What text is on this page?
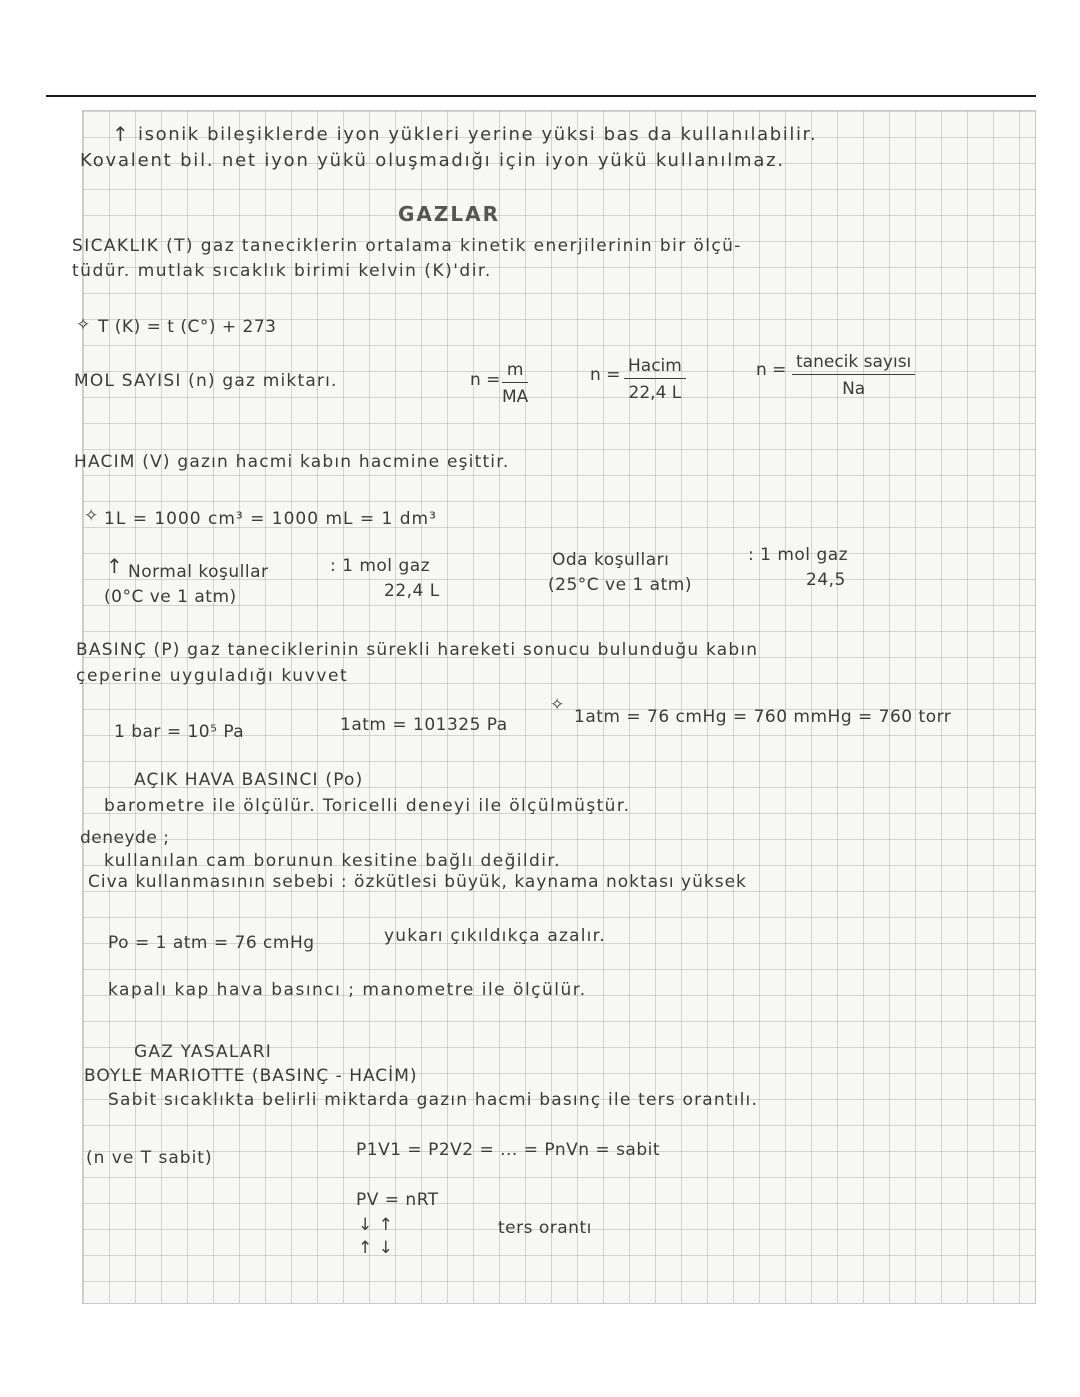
↑ isonik bileşiklerde iyon yükleri yerine yüksi bas da kullanılabilir.
Kovalent bil. net iyon yükü oluşmadığı için iyon yükü kullanılmaz.
GAZLAR
SICAKLIK (T) gaz taneciklerin ortalama kinetik enerjilerinin bir ölçü-
tüdür. mutlak sıcaklık birimi kelvin (K)'dir.
✧ T (K) = t (C°) + 273
MOL SAYISI (n) gaz miktarı.	$n = \frac{m}{MA}$	n = Hacim
22,4 L
n = tanecik sayısı
Na
HACIM (V) gazın hacmi kabın hacmine eşittir.
✧ 1L = 1000 cm³ = 1000 mL = 1 dm³
↑ Normal koşullar
(0°C ve 1 atm)
: 1 mol gaz
22,4 L
Oda koşulları
(25°C ve 1 atm)
: 1 mol gaz
24,5
BASINÇ (P) gaz taneciklerinin sürekli hareketi sonucu bulunduğu kabın
çeperine uyguladığı kuvvet
1 bar = 10⁵ Pa	1atm = 101325 Pa
✧
1atm = 76 cmHg = 760 mmHg = 760 torr
AÇIK HAVA BASINCI (Po)
barometre ile ölçülür. Toricelli deneyi ile ölçülmüştür.
deneyde ;
kullanılan cam borunun kesitine bağlı değildir.
Civa kullanmasının sebebi : özkütlesi büyük, kaynama noktası yüksek
Po = 1 atm = 76 cmHg	yukarı çıkıldıkça azalır.
kapalı kap hava basıncı ; manometre ile ölçülür.
GAZ YASALARI
BOYLE MARIOTTE (BASINÇ - HACİM)
Sabit sıcaklıkta belirli miktarda gazın hacmi basınç ile ters orantılı.
(n ve T sabit)	P1V1 = P2V2 = ... = PnVn = sabit
PV = nRT
↓ ↑
↑ ↓
ters orantı
